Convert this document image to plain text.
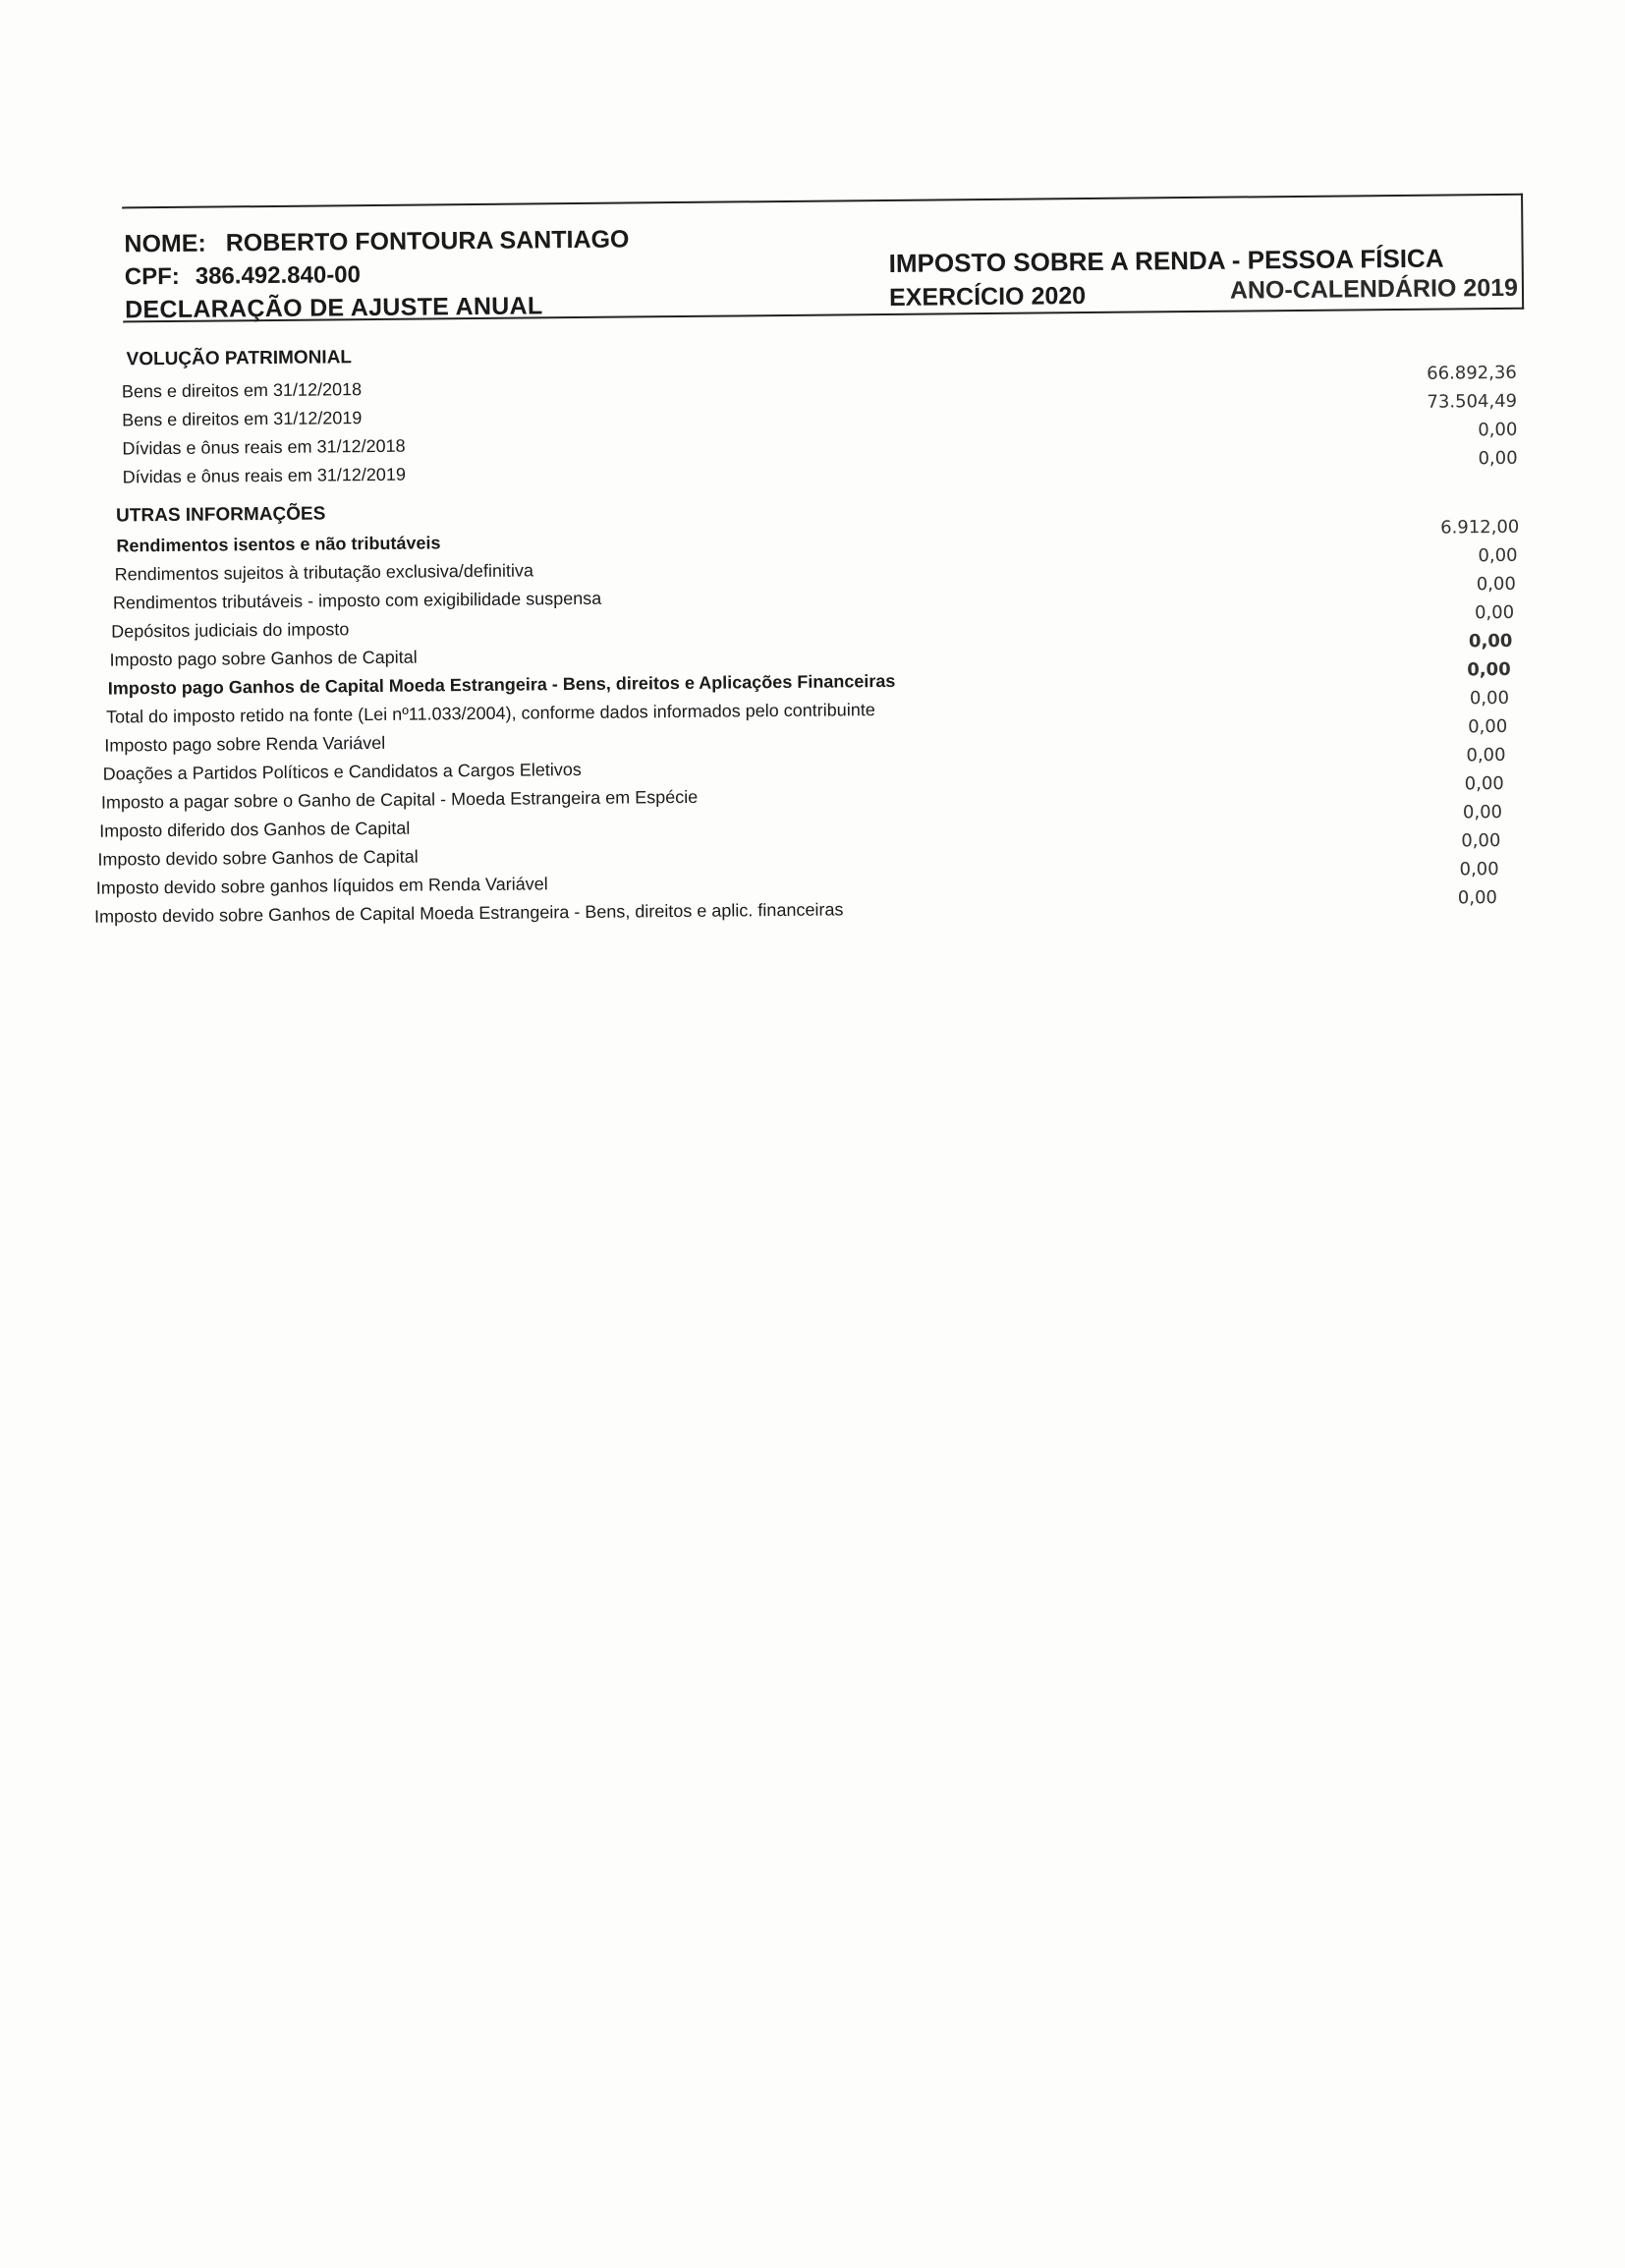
NOME: ROBERTO FONTOURA SANTIAGO
CPF: 386.492.840-00
DECLARAÇÃO DE AJUSTE ANUAL
IMPOSTO SOBRE A RENDA - PESSOA FÍSICA
EXERCÍCIO 2020	ANO-CALENDÁRIO 2019
VOLUÇÃO PATRIMONIAL
Bens e direitos em 31/12/2018
66.892,36
Bens e direitos em 31/12/2019
73.504,49
Dívidas e ônus reais em 31/12/2018
0,00
Dívidas e ônus reais em 31/12/2019
0,00
UTRAS INFORMAÇÕES
Rendimentos isentos e não tributáveis
6.912,00
Rendimentos sujeitos à tributação exclusiva/definitiva
0,00
Rendimentos tributáveis - imposto com exigibilidade suspensa
0,00
Depósitos judiciais do imposto
0,00
Imposto pago sobre Ganhos de Capital
0,00
Imposto pago Ganhos de Capital Moeda Estrangeira - Bens, direitos e Aplicações Financeiras
0,00
Total do imposto retido na fonte (Lei nº11.033/2004), conforme dados informados pelo contribuinte
0,00
Imposto pago sobre Renda Variável
0,00
Doações a Partidos Políticos e Candidatos a Cargos Eletivos
0,00
Imposto a pagar sobre o Ganho de Capital - Moeda Estrangeira em Espécie
0,00
Imposto diferido dos Ganhos de Capital
0,00
Imposto devido sobre Ganhos de Capital
0,00
Imposto devido sobre ganhos líquidos em Renda Variável
0,00
Imposto devido sobre Ganhos de Capital Moeda Estrangeira - Bens, direitos e aplic. financeiras
0,00
